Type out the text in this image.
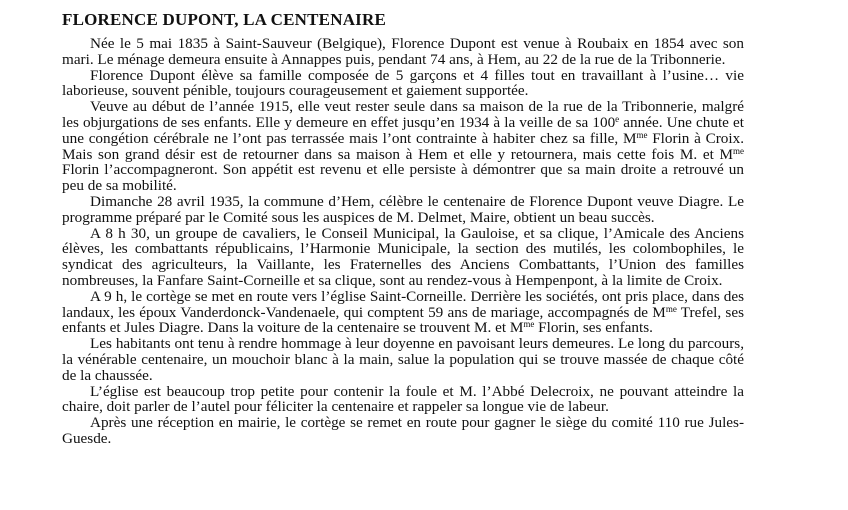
FLORENCE DUPONT, LA CENTENAIRE

Née le 5 mai 1835 à Saint-Sauveur (Belgique), Florence Dupont est venue à Roubaix en 1854 avec son mari. Le ménage demeura ensuite à Annappes puis, pendant 74 ans, à Hem, au 22 de la rue de la Tribonnerie.

Florence Dupont élève sa famille composée de 5 garçons et 4 filles tout en travaillant à l’usine… vie laborieuse, souvent pénible, toujours courageusement et gaiement supportée.

Veuve au début de l’année 1915, elle veut rester seule dans sa maison de la rue de la Tribonnerie, malgré les objurgations de ses enfants. Elle y demeure en effet jusqu’en 1934 à la veille de sa 100e année. Une chute et une congétion cérébrale ne l’ont pas terrassée mais l’ont contrainte à habiter chez sa fille, $M^{me}$ Florin à Croix. Mais son grand désir est de retourner dans sa maison à Hem et elle y retournera, mais cette fois M. et $M^{me}$ Florin l’accompagneront. Son appétit est revenu et elle persiste à démontrer que sa main droite a retrouvé un peu de sa mobilité.

Dimanche 28 avril 1935, la commune d’Hem, célèbre le centenaire de Florence Dupont veuve Diagre. Le programme préparé par le Comité sous les auspices de M. Delmet, Maire, obtient un beau succès.

A 8 h 30, un groupe de cavaliers, le Conseil Municipal, la Gauloise, et sa clique, l’Amicale des Anciens élèves, les combattants républicains, l’Harmonie Municipale, la section des mutilés, les colombophiles, le syndicat des agriculteurs, la Vaillante, les Fraternelles des Anciens Combattants, l’Union des familles nombreuses, la Fanfare Saint-Corneille et sa clique, sont au rendez-vous à Hempenpont, à la limite de Croix.

A 9 h, le cortège se met en route vers l’église Saint-Corneille. Derrière les sociétés, ont pris place, dans des landaux, les époux Vanderdonck-Vandenaele, qui comptent 59 ans de mariage, accompagnés de $M^{me}$ Trefel, ses enfants et Jules Diagre. Dans la voiture de la centenaire se trouvent M. et $M^{me}$ Florin, ses enfants.

Les habitants ont tenu à rendre hommage à leur doyenne en pavoisant leurs demeures. Le long du parcours, la vénérable centenaire, un mouchoir blanc à la main, salue la population qui se trouve massée de chaque côté de la chaussée.

L’église est beaucoup trop petite pour contenir la foule et M. l’Abbé Delecroix, ne pouvant atteindre la chaire, doit parler de l’autel pour féliciter la centenaire et rappeler sa longue vie de labeur.

Après une réception en mairie, le cortège se remet en route pour gagner le siège du comité 110 rue Jules-Guesde.
